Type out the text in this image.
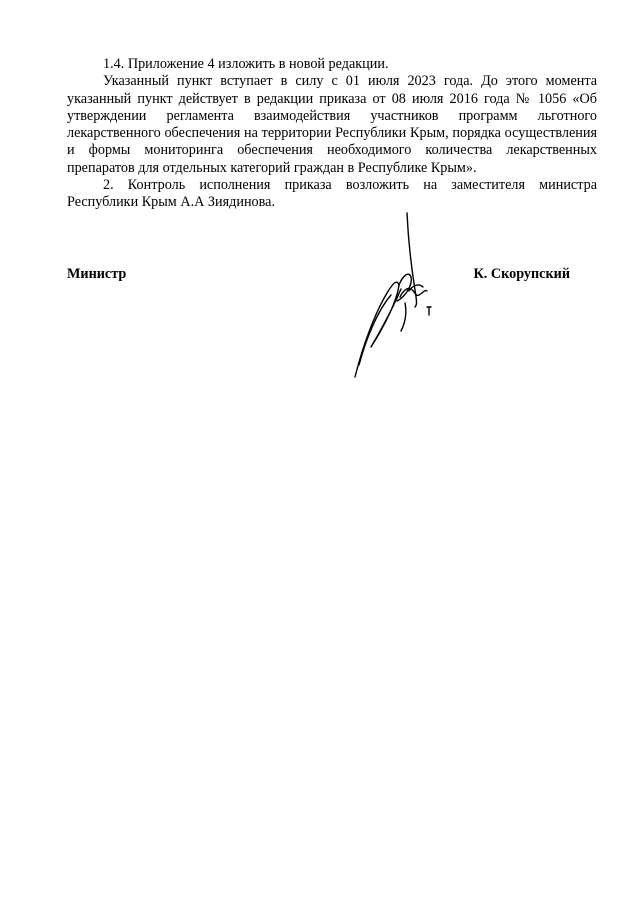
1.4. Приложение 4 изложить в новой редакции.

Указанный пункт вступает в силу с 01 июля 2023 года. До этого момента указанный пункт действует в редакции приказа от 08 июля 2016 года № 1056 «Об утверждении регламента взаимодействия участников программ льготного лекарственного обеспечения на территории Республики Крым, порядка осуществления и формы мониторинга обеспечения необходимого количества лекарственных препаратов для отдельных категорий граждан в Республике Крым».

2. Контроль исполнения приказа возложить на заместителя министра Республики Крым А.А Зиядинова.

Министр	К. Скорупский
